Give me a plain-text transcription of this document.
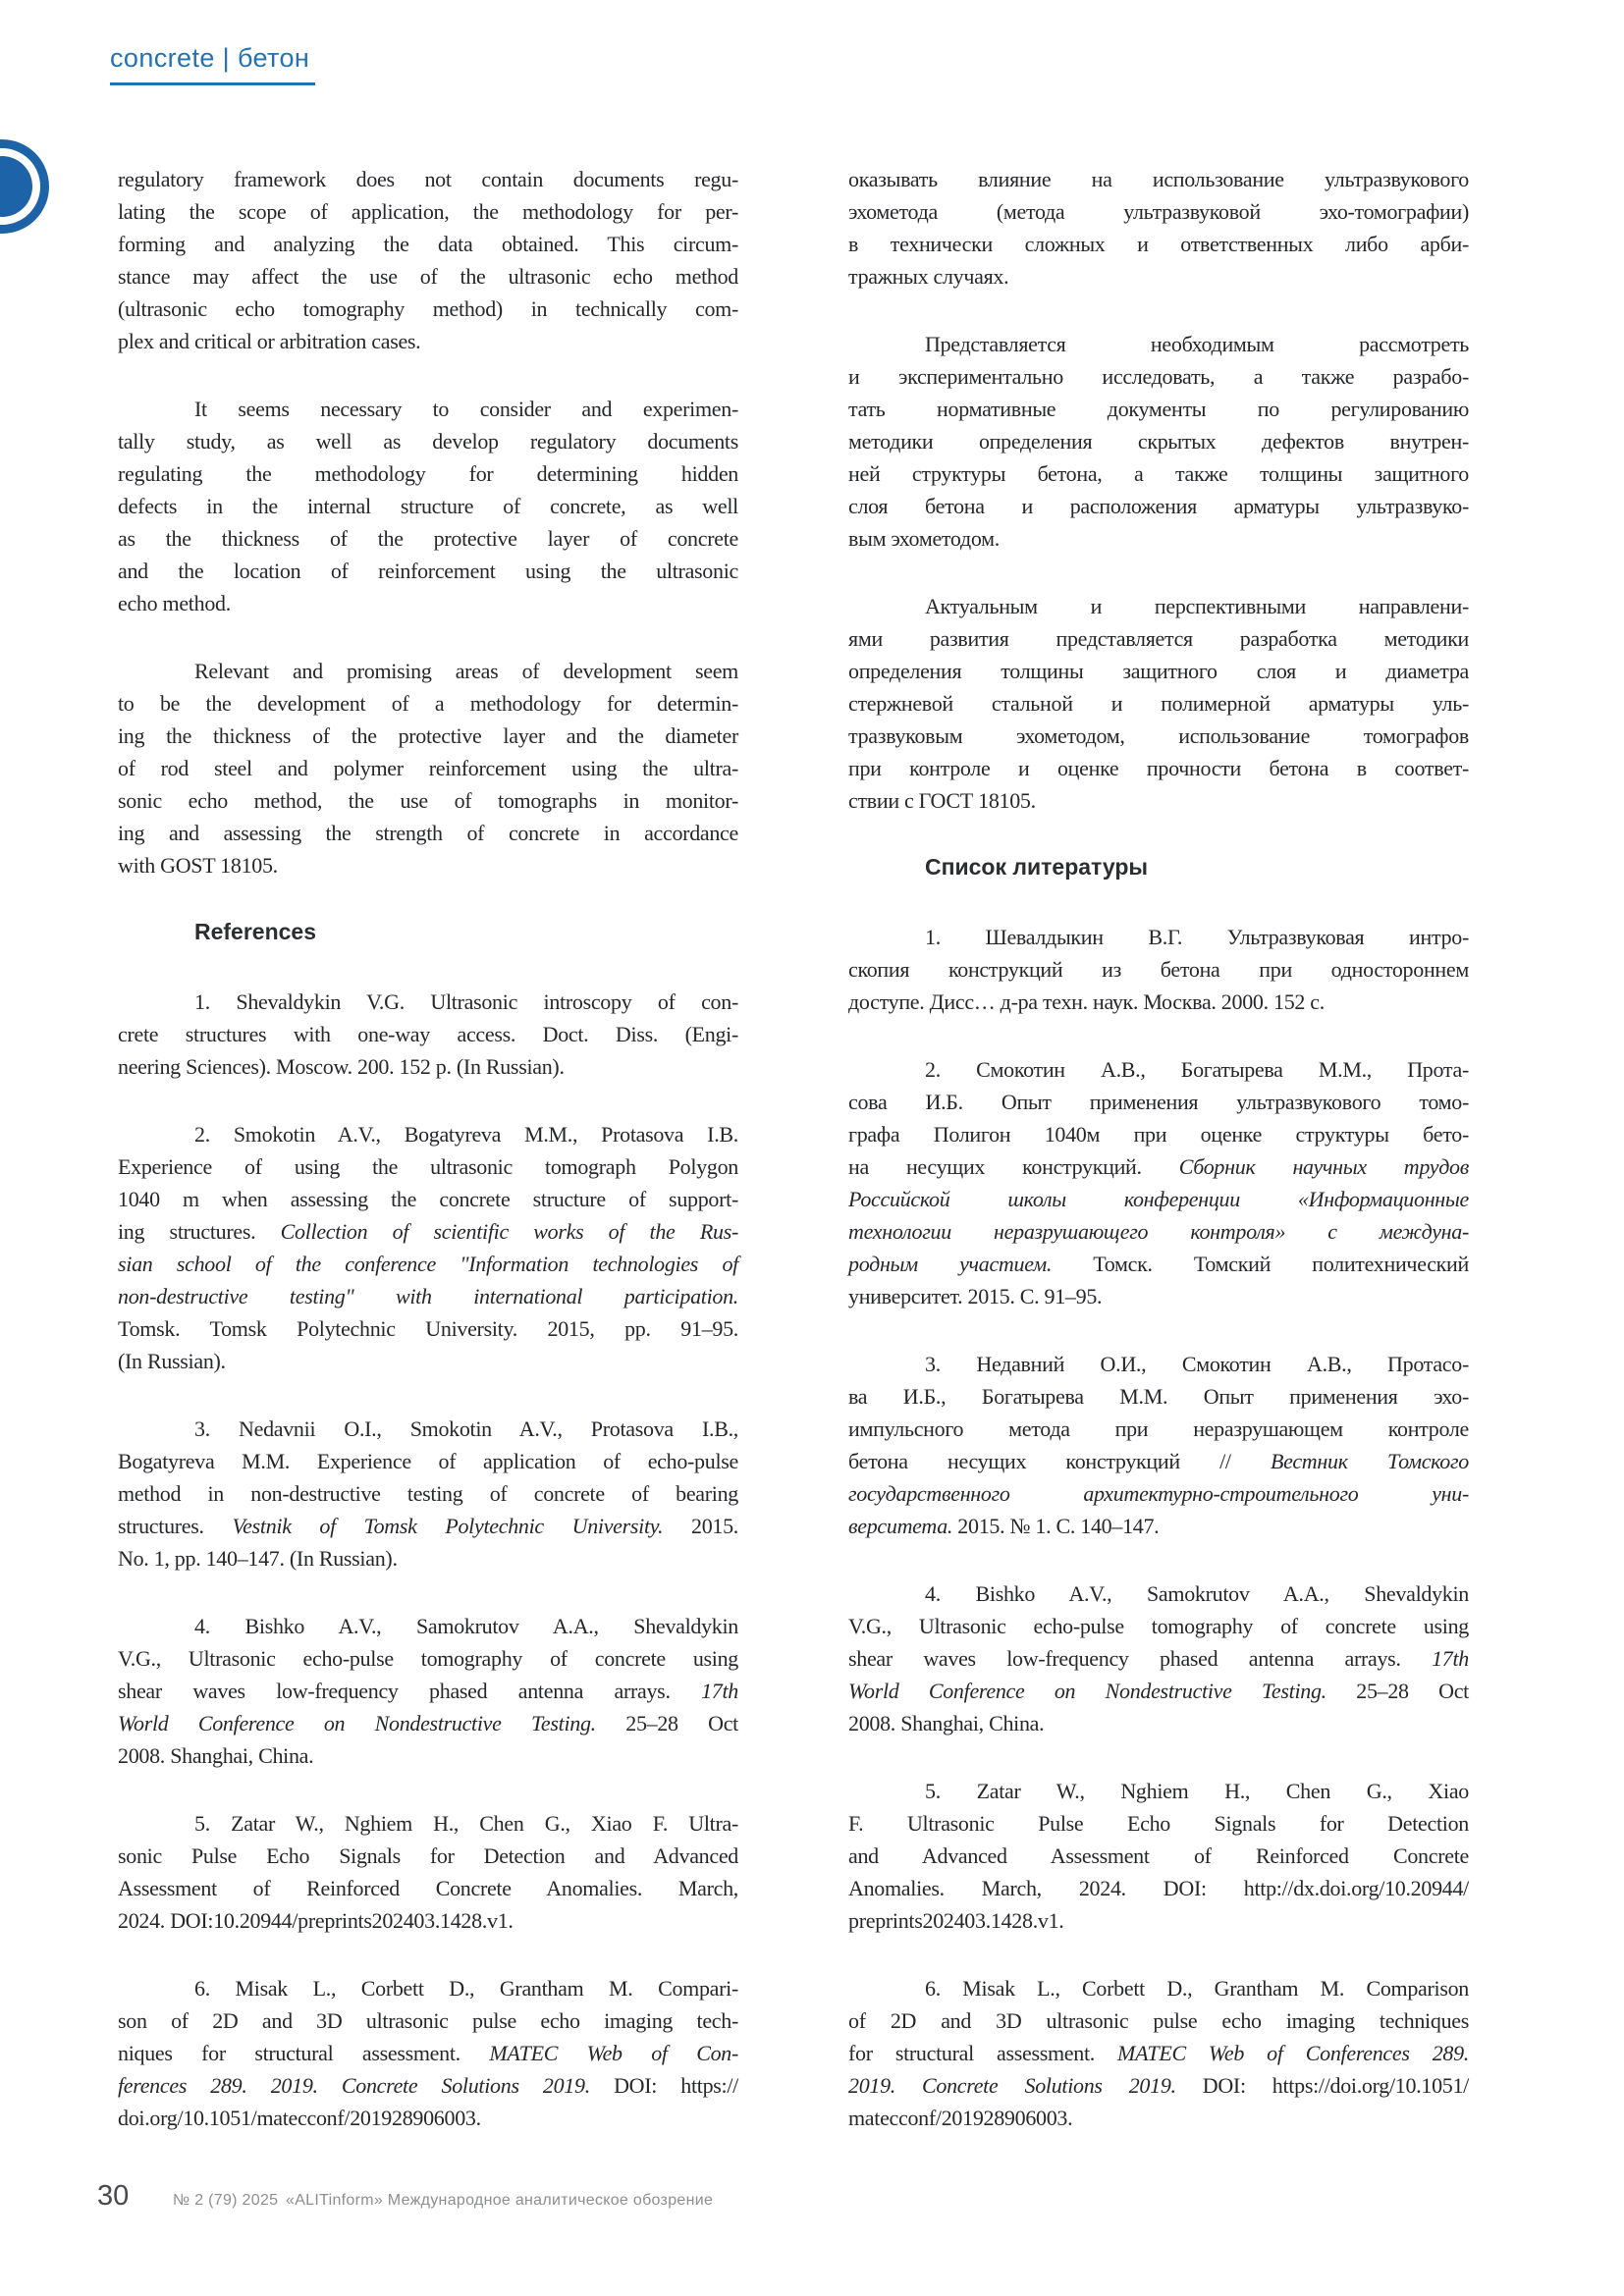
concrete | бетон
regulatory framework does not contain documents regu-
lating the scope of application, the methodology for per-
forming and analyzing the data obtained. This circum-
stance may affect the use of the ultrasonic echo method
(ultrasonic echo tomography method) in technically com-
plex and critical or arbitration cases.
It seems necessary to consider and experimen-
tally study, as well as develop regulatory documents
regulating the methodology for determining hidden
defects in the internal structure of concrete, as well
as the thickness of the protective layer of concrete
and the location of reinforcement using the ultrasonic
echo method.
Relevant and promising areas of development seem
to be the development of a methodology for determin-
ing the thickness of the protective layer and the diameter
of rod steel and polymer reinforcement using the ultra-
sonic echo method, the use of tomographs in monitor-
ing and assessing the strength of concrete in accordance
with GOST 18105.
References
1. Shevaldykin V.G. Ultrasonic introscopy of con-
crete structures with one-way access. Doct. Diss. (Engi-
neering Sciences). Moscow. 200. 152 p. (In Russian).
2. Smokotin A.V., Bogatyreva M.M., Protasova I.B.
Experience of using the ultrasonic tomograph Polygon
1040 m when assessing the concrete structure of support-
ing structures. Collection of scientific works of the Rus-
sian school of the conference "Information technologies of
non-destructive testing" with international participation.
Tomsk. Tomsk Polytechnic University. 2015, pp. 91–95.
(In Russian).
3. Nedavnii O.I., Smokotin A.V., Protasova I.B.,
Bogatyreva M.M. Experience of application of echo-pulse
method in non-destructive testing of concrete of bearing
structures. Vestnik of Tomsk Polytechnic University. 2015.
No. 1, pp. 140–147. (In Russian).
4. Bishko A.V., Samokrutov A.A., Shevaldykin
V.G., Ultrasonic echo-pulse tomography of concrete using
shear waves low-frequency phased antenna arrays. 17th
World Conference on Nondestructive Testing. 25–28 Oct
2008. Shanghai, China.
5. Zatar W., Nghiem H., Chen G., Xiao F. Ultra-
sonic Pulse Echo Signals for Detection and Advanced
Assessment of Reinforced Concrete Anomalies. March,
2024. DOI:10.20944/preprints202403.1428.v1.
6. Misak L., Corbett D., Grantham M. Compari-
son of 2D and 3D ultrasonic pulse echo imaging tech-
niques for structural assessment. MATEC Web of Con-
ferences 289. 2019. Concrete Solutions 2019. DOI: https://
doi.org/10.1051/matecconf/201928906003.
оказывать влияние на использование ультразвукового
эхометода (метода ультразвуковой эхо-томографии)
в технически сложных и ответственных либо арби-
тражных случаях.
Представляется необходимым рассмотреть
и экспериментально исследовать, а также разрабо-
тать нормативные документы по регулированию
методики определения скрытых дефектов внутрен-
ней структуры бетона, а также толщины защитного
слоя бетона и расположения арматуры ультразвуко-
вым эхометодом.
Актуальным и перспективными направлени-
ями развития представляется разработка методики
определения толщины защитного слоя и диаметра
стержневой стальной и полимерной арматуры уль-
тразвуковым эхометодом, использование томографов
при контроле и оценке прочности бетона в соответ-
ствии с ГОСТ 18105.
Список литературы
1. Шевалдыкин В.Г. Ультразвуковая интро-
скопия конструкций из бетона при одностороннем
доступе. Дисс… д-ра техн. наук. Москва. 2000. 152 с.
2. Смокотин А.В., Богатырева М.М., Прота-
сова И.Б. Опыт применения ультразвукового томо-
графа Полигон 1040м при оценке структуры бето-
на несущих конструкций. Сборник научных трудов
Российской школы конференции «Информационные
технологии неразрушающего контроля» с междуна-
родным участием. Томск. Томский политехнический
университет. 2015. С. 91–95.
3. Недавний О.И., Смокотин А.В., Протасо-
ва И.Б., Богатырева М.М. Опыт применения эхо-
импульсного метода при неразрушающем контроле
бетона несущих конструкций // Вестник Томского
государственного архитектурно-строительного уни-
верситета. 2015. № 1. С. 140–147.
4. Bishko A.V., Samokrutov A.A., Shevaldykin
V.G., Ultrasonic echo-pulse tomography of concrete using
shear waves low-frequency phased antenna arrays. 17th
World Conference on Nondestructive Testing. 25–28 Oct
2008. Shanghai, China.
5. Zatar W., Nghiem H., Chen G., Xiao
F. Ultrasonic Pulse Echo Signals for Detection
and Advanced Assessment of Reinforced Concrete
Anomalies. March, 2024. DOI: http://dx.doi.org/10.20944/
preprints202403.1428.v1.
6. Misak L., Corbett D., Grantham M. Comparison
of 2D and 3D ultrasonic pulse echo imaging techniques
for structural assessment. MATEC Web of Conferences 289.
2019. Concrete Solutions 2019. DOI: https://doi.org/10.1051/
matecconf/201928906003.
30	№ 2 (79) 2025 «ALITinform» Международное аналитическое обозрение
